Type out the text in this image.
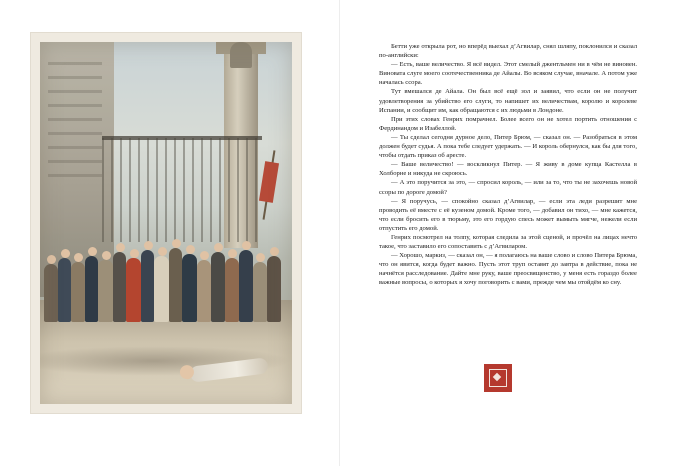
Бетти уже открыла рот, но вперёд выехал д’Агвилар, снял шляпу, поклонился и сказал по-английски:

— Есть, ваше величество. Я всё видел. Этот смелый джентльмен ни в чём не виновен. Виновата слуге моего соотечественника де Айалы. Во всяком случае, вначале. А потом уже началась ссора.

Тут вмешался де Айала. Он был всё ещё зол и заявил, что если он не получит удовлетворения за убийство его слуги, то напишет их величествам, королю и королеве Испании, и сообщит им, как обращаются с их людьми в Лондоне.

При этих словах Генрих помрачнел. Более всего он не хотел портить отношения с Фердинандом и Изабеллой.

— Ты сделал сегодня дурное дело, Питер Брюм, — сказал он. — Разобраться в этом должен будет судья. А пока тебе следует удержать. — И король обернулся, как бы для того, чтобы отдать приказ об аресте.

— Ваше величество! — воскликнул Питер. — Я живу в доме купца Кастелла в Холборне и никуда не скроюсь.

— А это поручится за это, — спросил король, — или за то, что ты не захочешь новой ссоры по дороге домой?

— Я поручусь, — спокойно сказал д’Агвилар, — если эта леди разрешит мне проводить её вместе с её кузеном домой. Кроме того, — добавил он тихо, — мне кажется, что если бросить его в тюрьму, это его гордую спесь может вымыть мягче, нежели если отпустить его домой.

Генрих посмотрел на толпу, которая следила за этой сценой, и прочёл на лицах нечто такое, что заставило его сопоставить с д’Агвиларом.

— Хорошо, маркиз, — сказал он, — я полагаюсь на ваше слово и слово Питера Брюма, что он явится, когда будет важно. Пусть этот труп оставят до завтра в действие, пока не начнётся расследование. Дайте мне руку, ваше преосвященство, у меня есть гораздо более важные вопросы, о которых я хочу поговорить с вами, прежде чем мы отойдём ко сну.
